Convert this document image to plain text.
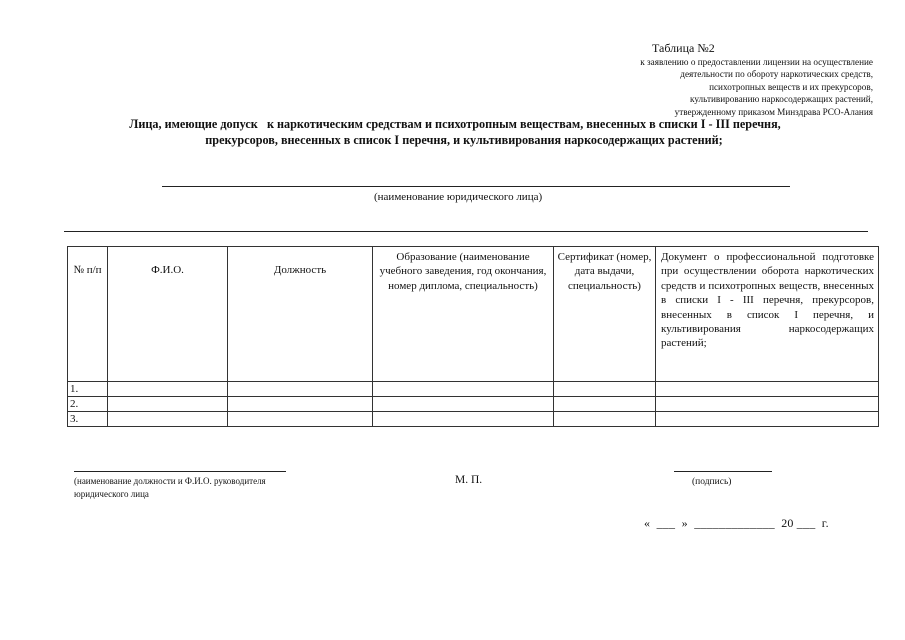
Таблица №2
к заявлению о предоставлении лицензии на осуществление
деятельности по обороту наркотических средств,
психотропных веществ и их прекурсоров,
культивированию наркосодержащих растений,
утвержденному приказом Минздрава РСО-Алания
Лица, имеющие допуск   к наркотическим средствам и психотропным веществам, внесенных в списки I - III перечня,
прекурсоров, внесенных в список I перечня, и культивирования наркосодержащих растений;
(наименование юридического лица)
№ п/п	Ф.И.О.	Должность	Образование (наименование учебного заведения, год окончания, номер диплома, специальность)	Сертификат (номер, дата выдачи, специальность)	Документ о профессиональной подготовке при осуществлении оборота наркотических средств и психотропных веществ, внесенных в списки I - III перечня, прекурсоров, внесенных в список I перечня, и культивирования наркосодержащих растений;
1.					
2.					
3.					
(наименование должности и Ф.И.О. руководителя
юридического лица
М. П.	(подпись)
«  ___  »  _____________  20 ___  г.
